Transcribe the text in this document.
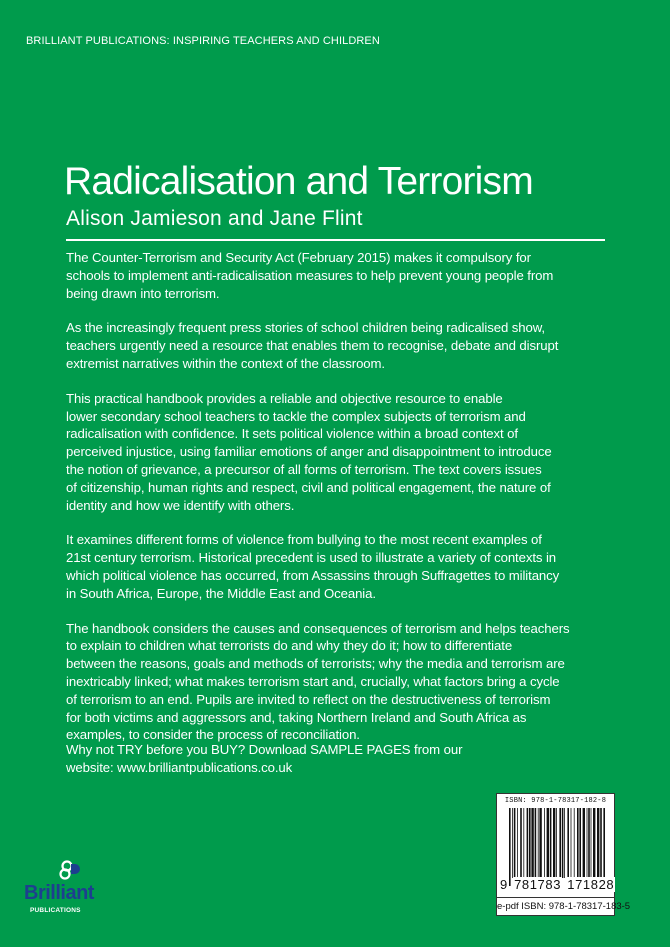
BRILLIANT PUBLICATIONS: INSPIRING TEACHERS AND CHILDREN
Radicalisation and Terrorism
Alison Jamieson and Jane Flint
The Counter-Terrorism and Security Act (February 2015) makes it compulsory for
schools to implement anti-radicalisation measures to help prevent young people from
being drawn into terrorism.
As the increasingly frequent press stories of school children being radicalised show,
teachers urgently need a resource that enables them to recognise, debate and disrupt
extremist narratives within the context of the classroom.
This practical handbook provides a reliable and objective resource to enable
lower secondary school teachers to tackle the complex subjects of terrorism and
radicalisation with confidence. It sets political violence within a broad context of
perceived injustice, using familiar emotions of anger and disappointment to introduce
the notion of grievance, a precursor of all forms of terrorism. The text covers issues
of citizenship, human rights and respect, civil and political engagement, the nature of
identity and how we identify with others.
It examines different forms of violence from bullying to the most recent examples of
21st century terrorism. Historical precedent is used to illustrate a variety of contexts in
which political violence has occurred, from Assassins through Suffragettes to militancy
in South Africa, Europe, the Middle East and Oceania.
The handbook considers the causes and consequences of terrorism and helps teachers
to explain to children what terrorists do and why they do it; how to differentiate
between the reasons, goals and methods of terrorists; why the media and terrorism are
inextricably linked; what makes terrorism start and, crucially, what factors bring a cycle
of terrorism to an end. Pupils are invited to reflect on the destructiveness of terrorism
for both victims and aggressors and, taking Northern Ireland and South Africa as
examples, to consider the process of reconciliation.
Why not TRY before you BUY? Download SAMPLE PAGES from our
website: www.brilliantpublications.co.uk
ISBN: 978-1-78317-182-8
9 781783 171828
e-pdf ISBN: 978-1-78317-183-5
Brilliant
PUBLICATIONS
